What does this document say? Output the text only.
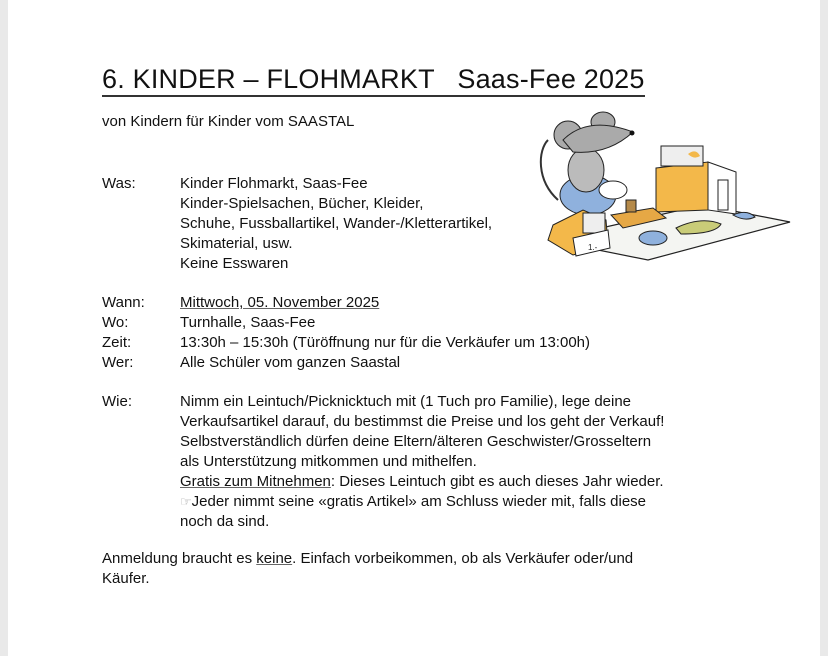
6. KINDER – FLOHMARKT   Saas-Fee 2025
von Kindern für Kinder vom SAASTAL
1.-
Was:	Kinder Flohmarkt, Saas-Fee
Kinder-Spielsachen, Bücher, Kleider,
Schuhe, Fussballartikel, Wander-/Kletterartikel,
Skimaterial, usw.
Keine Esswaren
Wann:	Mittwoch, 05. November 2025
Wo:	Turnhalle, Saas-Fee
Zeit:	13:30h – 15:30h (Türöffnung nur für die Verkäufer um 13:00h)
Wer:	Alle Schüler vom ganzen Saastal
Wie:	Nimm ein Leintuch/Picknicktuch mit (1 Tuch pro Familie), lege deine
Verkaufsartikel darauf, du bestimmst die Preise und los geht der Verkauf!
Selbstverständlich dürfen deine Eltern/älteren Geschwister/Grosseltern
als Unterstützung mitkommen und mithelfen.
Gratis zum Mitnehmen: Dieses Leintuch gibt es auch dieses Jahr wieder.
☞Jeder nimmt seine «gratis Artikel» am Schluss wieder mit, falls diese
noch da sind.
Anmeldung braucht es keine. Einfach vorbeikommen, ob als Verkäufer oder/und
Käufer.
